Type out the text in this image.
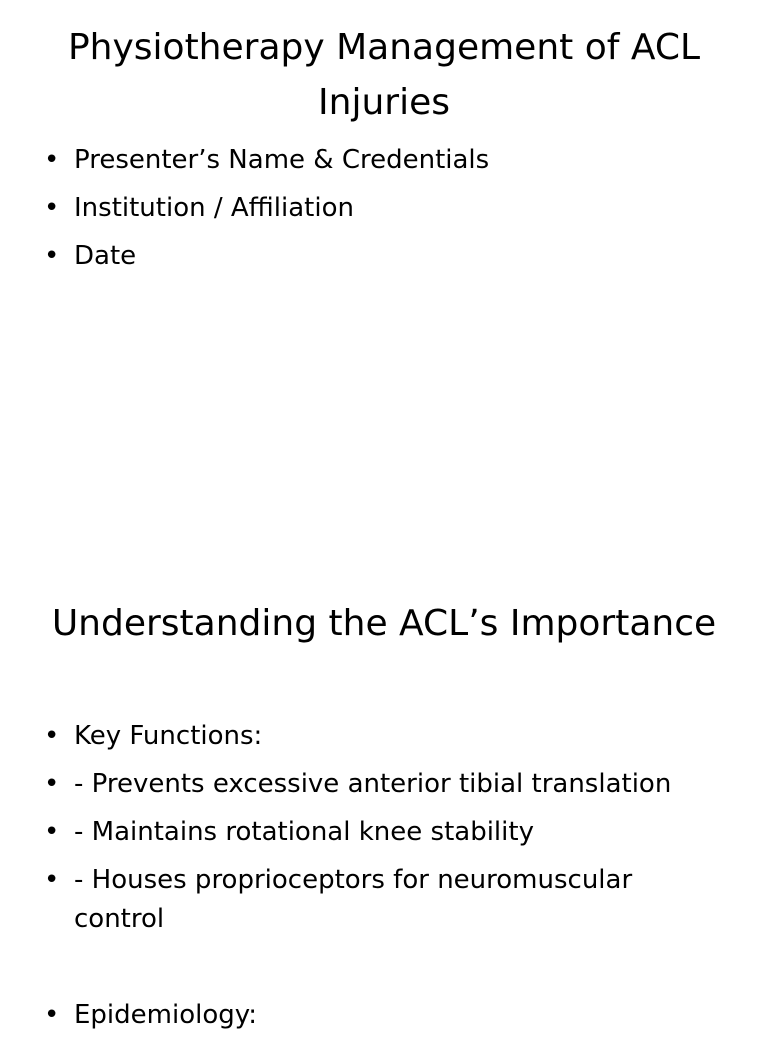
Physiotherapy Management of ACL Injuries
• Presenter’s Name & Credentials
• Institution / Affiliation
• Date
Understanding the ACL’s Importance
• Key Functions:
• - Prevents excessive anterior tibial translation
• - Maintains rotational knee stability
• - Houses proprioceptors for neuromuscular control
• Epidemiology:
